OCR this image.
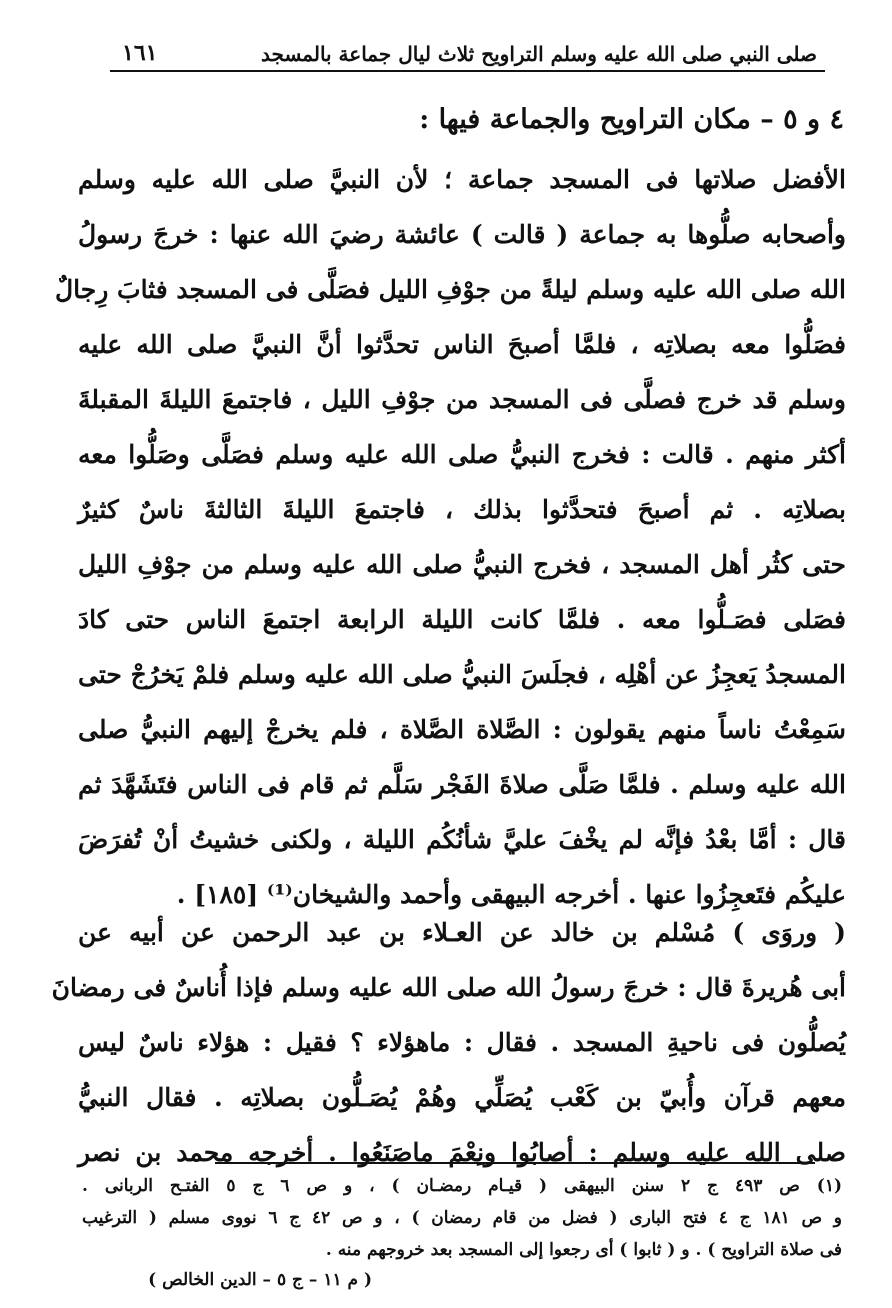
١٦١	صلى النبي صلى الله عليه وسلم التراويح ثلاث ليال جماعة بالمسجد
٤ و ٥ – مكان التراويح والجماعة فيها :
الأفضل صلاتها فى المسجد جماعة ؛ لأن النبيَّ صلى الله عليه وسلم
وأصحابه صلُّوها به جماعة ( قالت ) عائشة رضيَ الله عنها : خرجَ رسولُ
الله صلى الله عليه وسلم ليلةً من جوْفِ الليل فصَلَّى فى المسجد فثابَ رِجالٌ
فصَلُّوا معه بصلاتِه ، فلمَّا أصبحَ الناس تحدَّثوا أنَّ النبيَّ صلى الله عليه
وسلم قد خرج فصلَّى فى المسجد من جوْفِ الليل ، فاجتمعَ الليلةَ المقبلةَ
أكثر منهم . قالت : فخرج النبيُّ صلى الله عليه وسلم فصَلَّى وصَلُّوا معه
بصلاتِه . ثم أصبحَ فتحدَّثوا بذلك ، فاجتمعَ الليلةَ الثالثةَ ناسٌ كثيرٌ
حتى كثُر أهل المسجد ، فخرج النبيُّ صلى الله عليه وسلم من جوْفِ الليل
فصَلى فصَـلُّوا معه . فلمَّا كانت الليلة الرابعة اجتمعَ الناس حتى كادَ
المسجدُ يَعجِزُ عن أهْلِه ، فجلَسَ النبيُّ صلى الله عليه وسلم فلمْ يَخرُجْ حتى
سَمِعْتُ ناساً منهم يقولون : الصَّلاة الصَّلاة ، فلم يخرجْ إليهم النبيُّ صلى
الله عليه وسلم . فلمَّا صَلَّى صلاةَ الفَجْر سَلَّم ثم قام فى الناس فتَشَهَّدَ ثم
قال : أمَّا بعْدُ فإنَّه لم يخْفَ عليَّ شأنُكُم الليلة ، ولكنى خشيتُ أنْ تُفرَضَ
عليكُم فتَعجِزُوا عنها . أخرجه البيهقى وأحمد والشيخان⁽¹⁾ [١٨٥] .
( وروَى ) مُسْلم بن خالد عن العـلاء بن عبد الرحمن عن أبيه عن
أبى هُريرةَ قال : خرجَ رسولُ الله صلى الله عليه وسلم فإذا أُناسٌ فى رمضانَ
يُصلُّون فى ناحيةِ المسجد . فقال : ماهؤلاء ؟ فقيل : هؤلاء ناسٌ ليس
معهم قرآن وأُبيّ بن كَعْب يُصَلِّي وهُمْ يُصَـلُّون بصلاتِه . فقال النبيُّ
صلى الله عليه وسلم : أصابُوا ونِعْمَ ماصَنَعُوا . أخرجه محمد بن نصر
(١) ص ٤٩٣ ج ٢ سنن البيهقى ( قيـام رمضـان ) ، و ص ٦ ج ٥ الفتـح الربانى .
و ص ١٨١ ج ٤ فتح البارى ( فضل من قام رمضان ) ، و ص ٤٢ ج ٦ نووى مسلم ( الترغيب
فى صلاة التراويح ) . و ( ثابوا ) أى رجعوا إلى المسجد بعد خروجهم منه .
( م ١١ – ج ٥ – الدين الخالص )
